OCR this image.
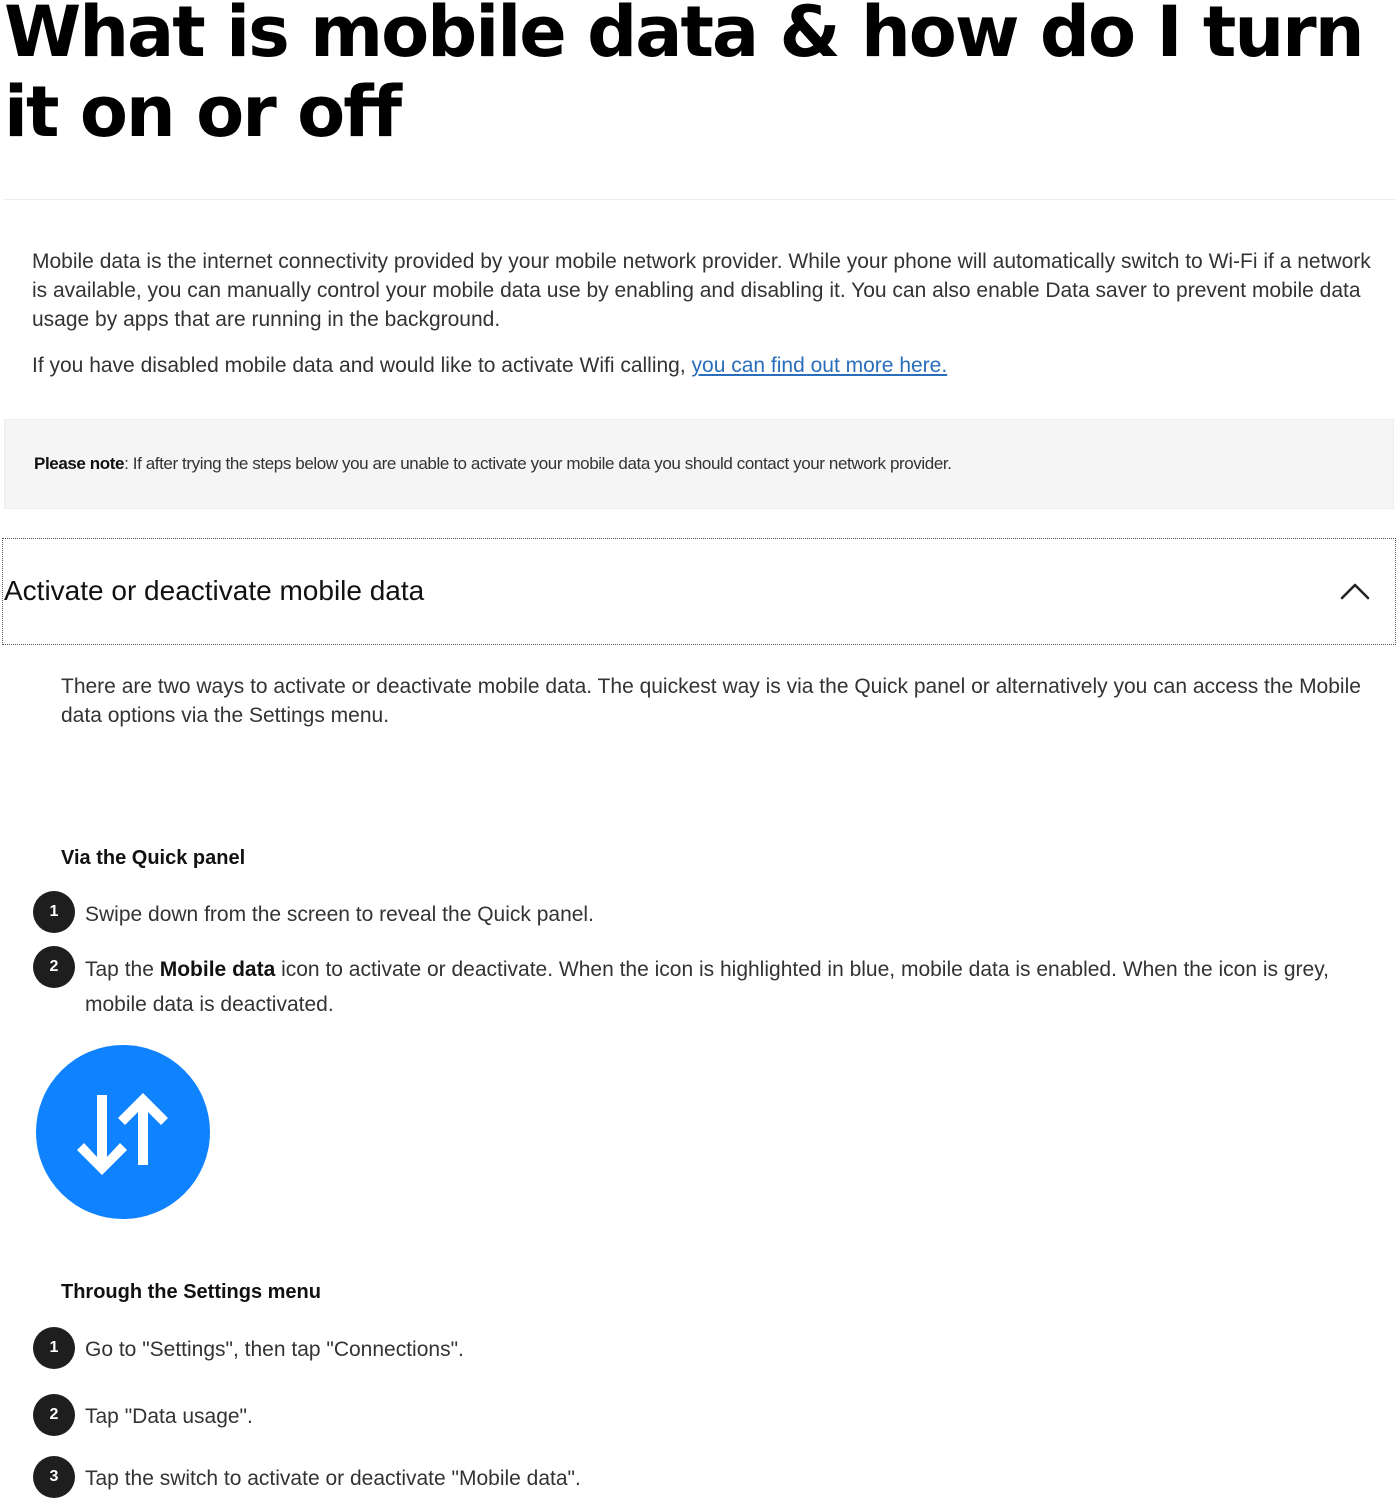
What is mobile data & how do I turn it on or off

Mobile data is the internet connectivity provided by your mobile network provider. While your phone will automatically switch to Wi-Fi if a network is available, you can manually control your mobile data use by enabling and disabling it. You can also enable Data saver to prevent mobile data usage by apps that are running in the background.

If you have disabled mobile data and would like to activate Wifi calling, you can find out more here.

Please note: If after trying the steps below you are unable to activate your mobile data you should contact your network provider.
Activate or deactivate mobile data

There are two ways to activate or deactivate mobile data. The quickest way is via the Quick panel or alternatively you can access the Mobile data options via the Settings menu.

Via the Quick panel
1	Swipe down from the screen to reveal the Quick panel.

2	Tap the Mobile data icon to activate or deactivate. When the icon is highlighted in blue, mobile data is enabled. When the icon is grey, mobile data is deactivated.

Through the Settings menu
1	Go to "Settings", then tap "Connections".

2	Tap "Data usage".

3	Tap the switch to activate or deactivate "Mobile data".
